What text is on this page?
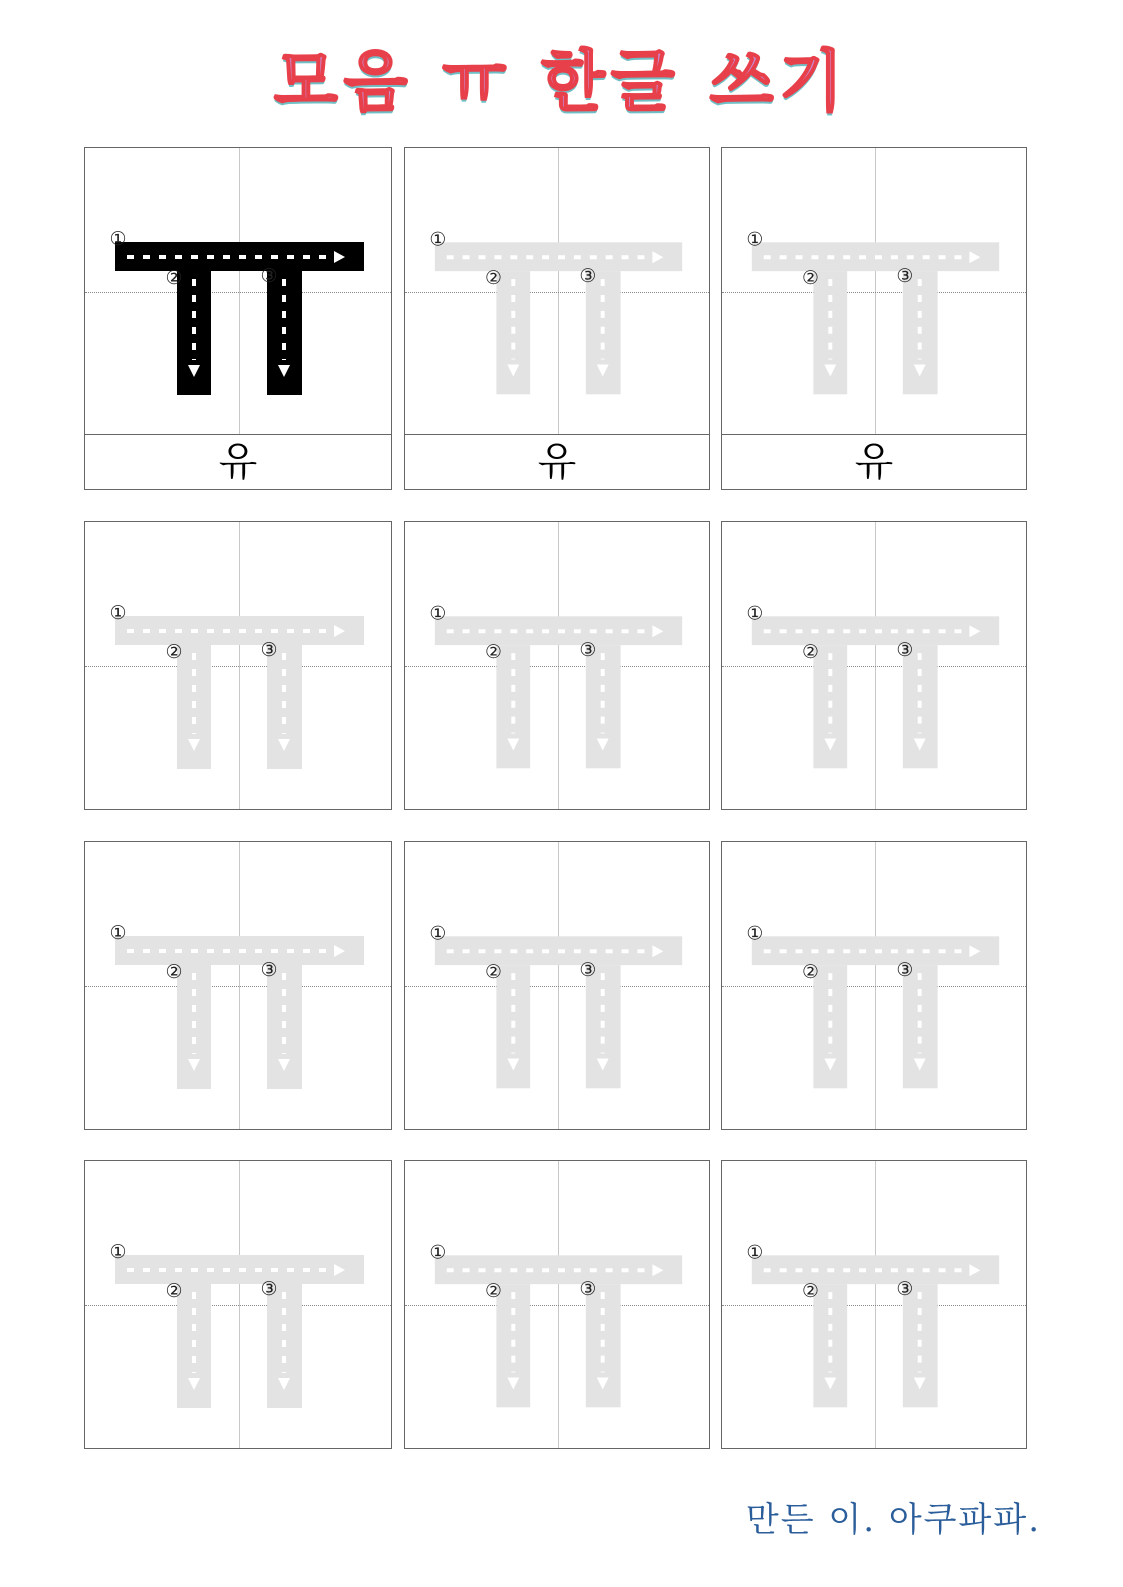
모음 ㅠ 한글 쓰기
①
②	③
유
①
②	③
유
①
②	③
유
①
②	③
①
②	③
①
②	③
①
②	③
①
②	③
①
②	③
①
②	③
①
②	③
①
②	③
만든 이. 아쿠파파.
